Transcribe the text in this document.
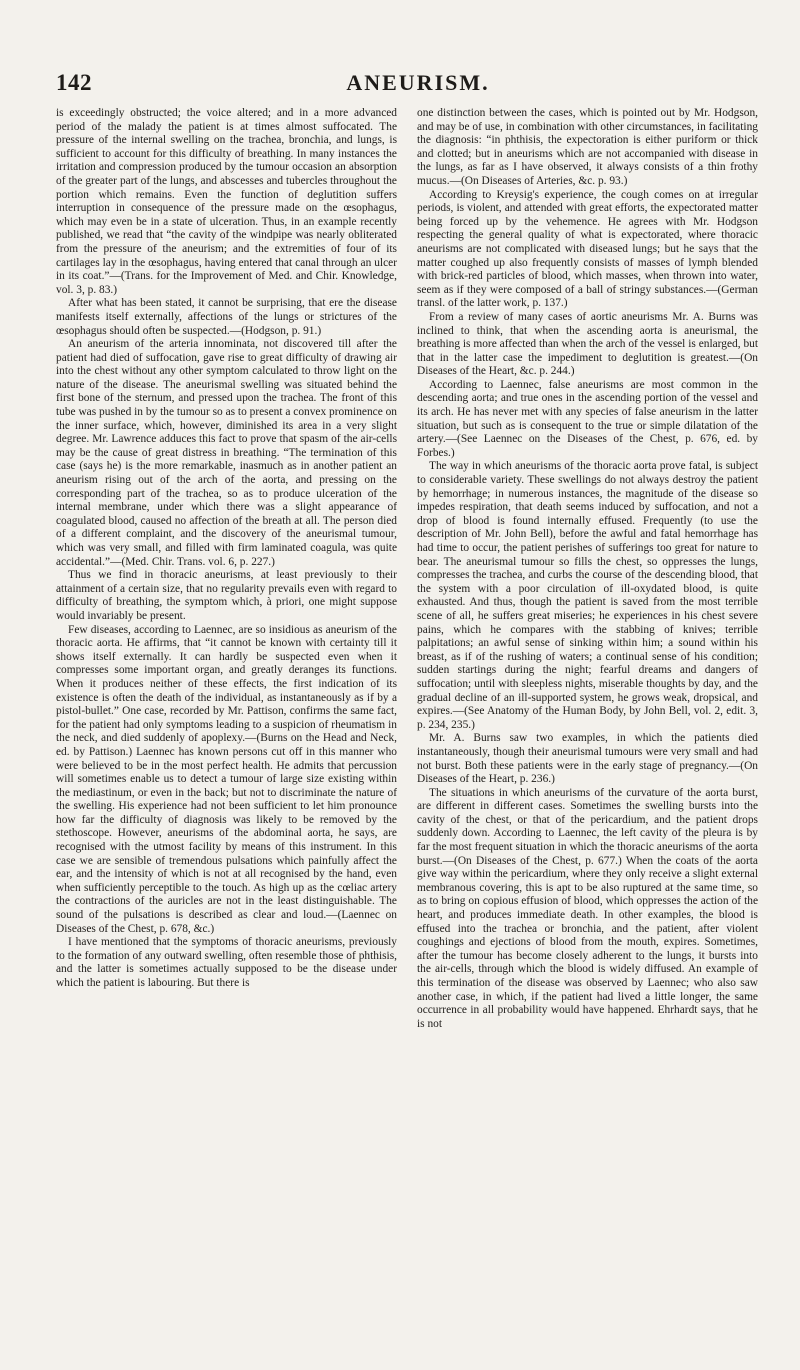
142	ANEURISM.

is exceedingly obstructed; the voice altered; and in a more advanced period of the malady the patient is at times almost suffocated. The pressure of the internal swelling on the trachea, bronchia, and lungs, is sufficient to account for this difficulty of breathing. In many instances the irritation and compression produced by the tumour occasion an absorption of the greater part of the lungs, and abscesses and tubercles throughout the portion which remains. Even the function of deglutition suffers interruption in consequence of the pressure made on the œsophagus, which may even be in a state of ulceration. Thus, in an example recently published, we read that “the cavity of the windpipe was nearly obliterated from the pressure of the aneurism; and the extremities of four of its cartilages lay in the œsophagus, having entered that canal through an ulcer in its coat.”—(Trans. for the Improvement of Med. and Chir. Knowledge, vol. 3, p. 83.)

After what has been stated, it cannot be surprising, that ere the disease manifests itself externally, affections of the lungs or strictures of the œsophagus should often be suspected.—(Hodgson, p. 91.)

An aneurism of the arteria innominata, not discovered till after the patient had died of suffocation, gave rise to great difficulty of drawing air into the chest without any other symptom calculated to throw light on the nature of the disease. The aneurismal swelling was situated behind the first bone of the sternum, and pressed upon the trachea. The front of this tube was pushed in by the tumour so as to present a convex prominence on the inner surface, which, however, diminished its area in a very slight degree. Mr. Lawrence adduces this fact to prove that spasm of the air-cells may be the cause of great distress in breathing. “The termination of this case (says he) is the more remarkable, inasmuch as in another patient an aneurism rising out of the arch of the aorta, and pressing on the corresponding part of the trachea, so as to produce ulceration of the internal membrane, under which there was a slight appearance of coagulated blood, caused no affection of the breath at all. The person died of a different complaint, and the discovery of the aneurismal tumour, which was very small, and filled with firm laminated coagula, was quite accidental.”—(Med. Chir. Trans. vol. 6, p. 227.)

Thus we find in thoracic aneurisms, at least previously to their attainment of a certain size, that no regularity prevails even with regard to difficulty of breathing, the symptom which, à priori, one might suppose would invariably be present.

Few diseases, according to Laennec, are so insidious as aneurism of the thoracic aorta. He affirms, that “it cannot be known with certainty till it shows itself externally. It can hardly be suspected even when it compresses some important organ, and greatly deranges its functions. When it produces neither of these effects, the first indication of its existence is often the death of the individual, as instantaneously as if by a pistol-bullet.” One case, recorded by Mr. Pattison, confirms the same fact, for the patient had only symptoms leading to a suspicion of rheumatism in the neck, and died suddenly of apoplexy.—(Burns on the Head and Neck, ed. by Pattison.) Laennec has known persons cut off in this manner who were believed to be in the most perfect health. He admits that percussion will sometimes enable us to detect a tumour of large size existing within the mediastinum, or even in the back; but not to discriminate the nature of the swelling. His experience had not been sufficient to let him pronounce how far the difficulty of diagnosis was likely to be removed by the stethoscope. However, aneurisms of the abdominal aorta, he says, are recognised with the utmost facility by means of this instrument. In this case we are sensible of tremendous pulsations which painfully affect the ear, and the intensity of which is not at all recognised by the hand, even when sufficiently perceptible to the touch. As high up as the cœliac artery the contractions of the auricles are not in the least distinguishable. The sound of the pulsations is described as clear and loud.—(Laennec on Diseases of the Chest, p. 678, &c.)

I have mentioned that the symptoms of thoracic aneurisms, previously to the formation of any outward swelling, often resemble those of phthisis, and the latter is sometimes actually supposed to be the disease under which the patient is labouring. But there is

one distinction between the cases, which is pointed out by Mr. Hodgson, and may be of use, in combination with other circumstances, in facilitating the diagnosis: “in phthisis, the expectoration is either puriform or thick and clotted; but in aneurisms which are not accompanied with disease in the lungs, as far as I have observed, it always consists of a thin frothy mucus.—(On Diseases of Arteries, &c. p. 93.)

According to Kreysig's experience, the cough comes on at irregular periods, is violent, and attended with great efforts, the expectorated matter being forced up by the vehemence. He agrees with Mr. Hodgson respecting the general quality of what is expectorated, where thoracic aneurisms are not complicated with diseased lungs; but he says that the matter coughed up also frequently consists of masses of lymph blended with brick-red particles of blood, which masses, when thrown into water, seem as if they were composed of a ball of stringy substances.—(German transl. of the latter work, p. 137.)

From a review of many cases of aortic aneurisms Mr. A. Burns was inclined to think, that when the ascending aorta is aneurismal, the breathing is more affected than when the arch of the vessel is enlarged, but that in the latter case the impediment to deglutition is greatest.—(On Diseases of the Heart, &c. p. 244.)

According to Laennec, false aneurisms are most common in the descending aorta; and true ones in the ascending portion of the vessel and its arch. He has never met with any species of false aneurism in the latter situation, but such as is consequent to the true or simple dilatation of the artery.—(See Laennec on the Diseases of the Chest, p. 676, ed. by Forbes.)

The way in which aneurisms of the thoracic aorta prove fatal, is subject to considerable variety. These swellings do not always destroy the patient by hemorrhage; in numerous instances, the magnitude of the disease so impedes respiration, that death seems induced by suffocation, and not a drop of blood is found internally effused. Frequently (to use the description of Mr. John Bell), before the awful and fatal hemorrhage has had time to occur, the patient perishes of sufferings too great for nature to bear. The aneurismal tumour so fills the chest, so oppresses the lungs, compresses the trachea, and curbs the course of the descending blood, that the system with a poor circulation of ill-oxydated blood, is quite exhausted. And thus, though the patient is saved from the most terrible scene of all, he suffers great miseries; he experiences in his chest severe pains, which he compares with the stabbing of knives; terrible palpitations; an awful sense of sinking within him; a sound within his breast, as if of the rushing of waters; a continual sense of his condition; sudden startings during the night; fearful dreams and dangers of suffocation; until with sleepless nights, miserable thoughts by day, and the gradual decline of an ill-supported system, he grows weak, dropsical, and expires.—(See Anatomy of the Human Body, by John Bell, vol. 2, edit. 3, p. 234, 235.)

Mr. A. Burns saw two examples, in which the patients died instantaneously, though their aneurismal tumours were very small and had not burst. Both these patients were in the early stage of pregnancy.—(On Diseases of the Heart, p. 236.)

The situations in which aneurisms of the curvature of the aorta burst, are different in different cases. Sometimes the swelling bursts into the cavity of the chest, or that of the pericardium, and the patient drops suddenly down. According to Laennec, the left cavity of the pleura is by far the most frequent situation in which the thoracic aneurisms of the aorta burst.—(On Diseases of the Chest, p. 677.) When the coats of the aorta give way within the pericardium, where they only receive a slight external membranous covering, this is apt to be also ruptured at the same time, so as to bring on copious effusion of blood, which oppresses the action of the heart, and produces immediate death. In other examples, the blood is effused into the trachea or bronchia, and the patient, after violent coughings and ejections of blood from the mouth, expires. Sometimes, after the tumour has become closely adherent to the lungs, it bursts into the air-cells, through which the blood is widely diffused. An example of this termination of the disease was observed by Laennec; who also saw another case, in which, if the patient had lived a little longer, the same occurrence in all probability would have happened. Ehrhardt says, that he is not
